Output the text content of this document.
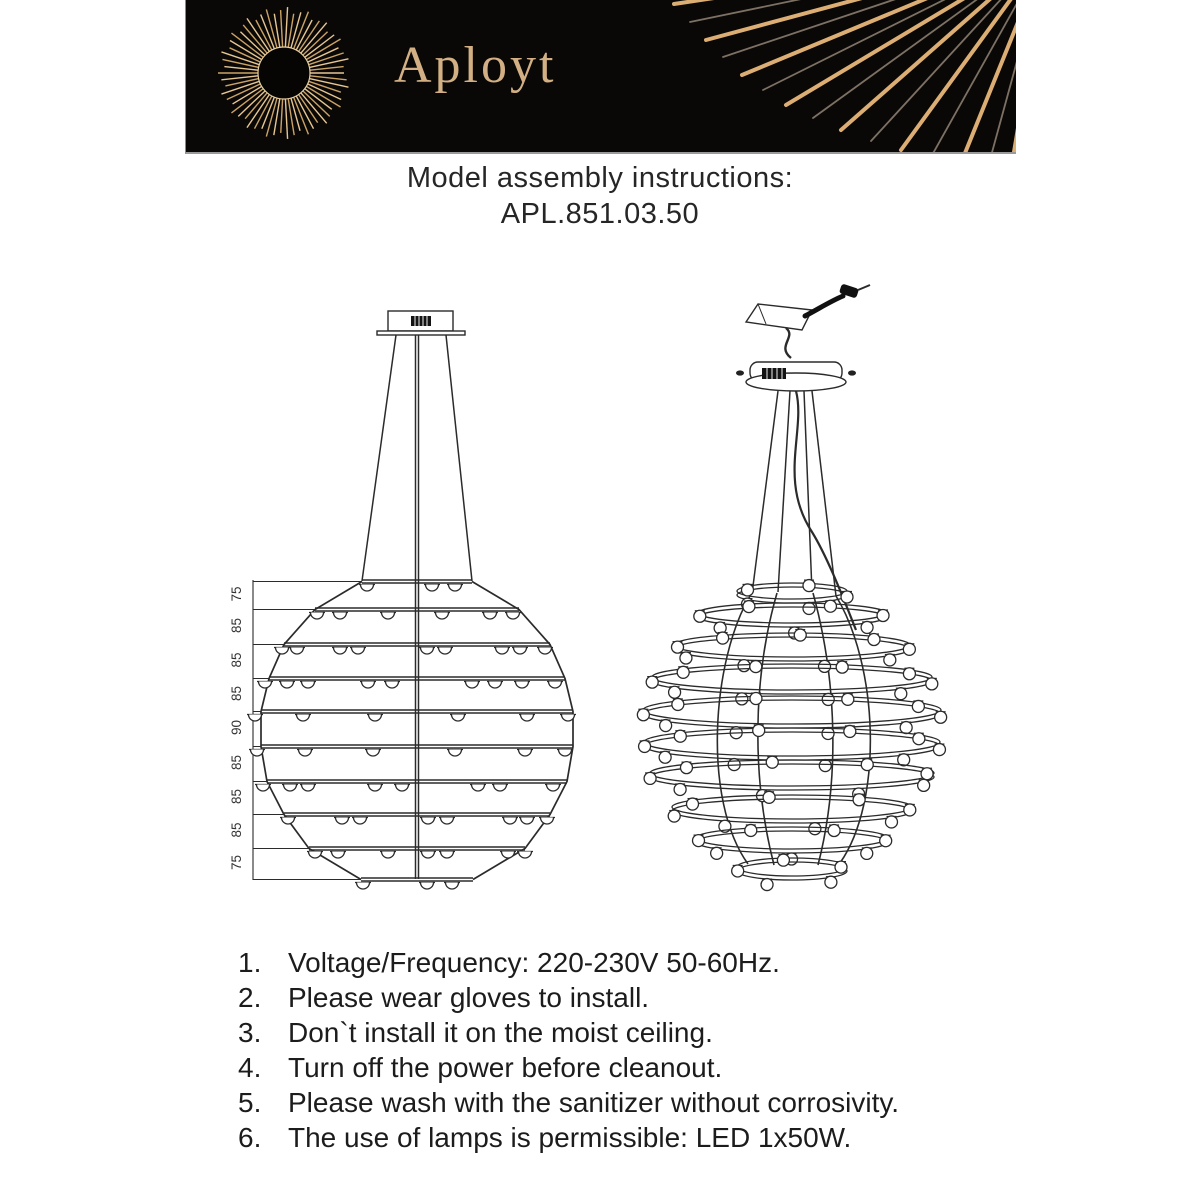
Aployt
Model assembly instructions:
APL.851.03.50
75
85
85
85
90
85
85
85
75
1. Voltage/Frequency: 220-230V 50-60Hz.
2. Please wear gloves to install.
3. Don`t install it on the moist ceiling.
4. Turn off the power before cleanout.
5. Please wash with the sanitizer without corrosivity.
6. The use of lamps is permissible: LED 1x50W.
